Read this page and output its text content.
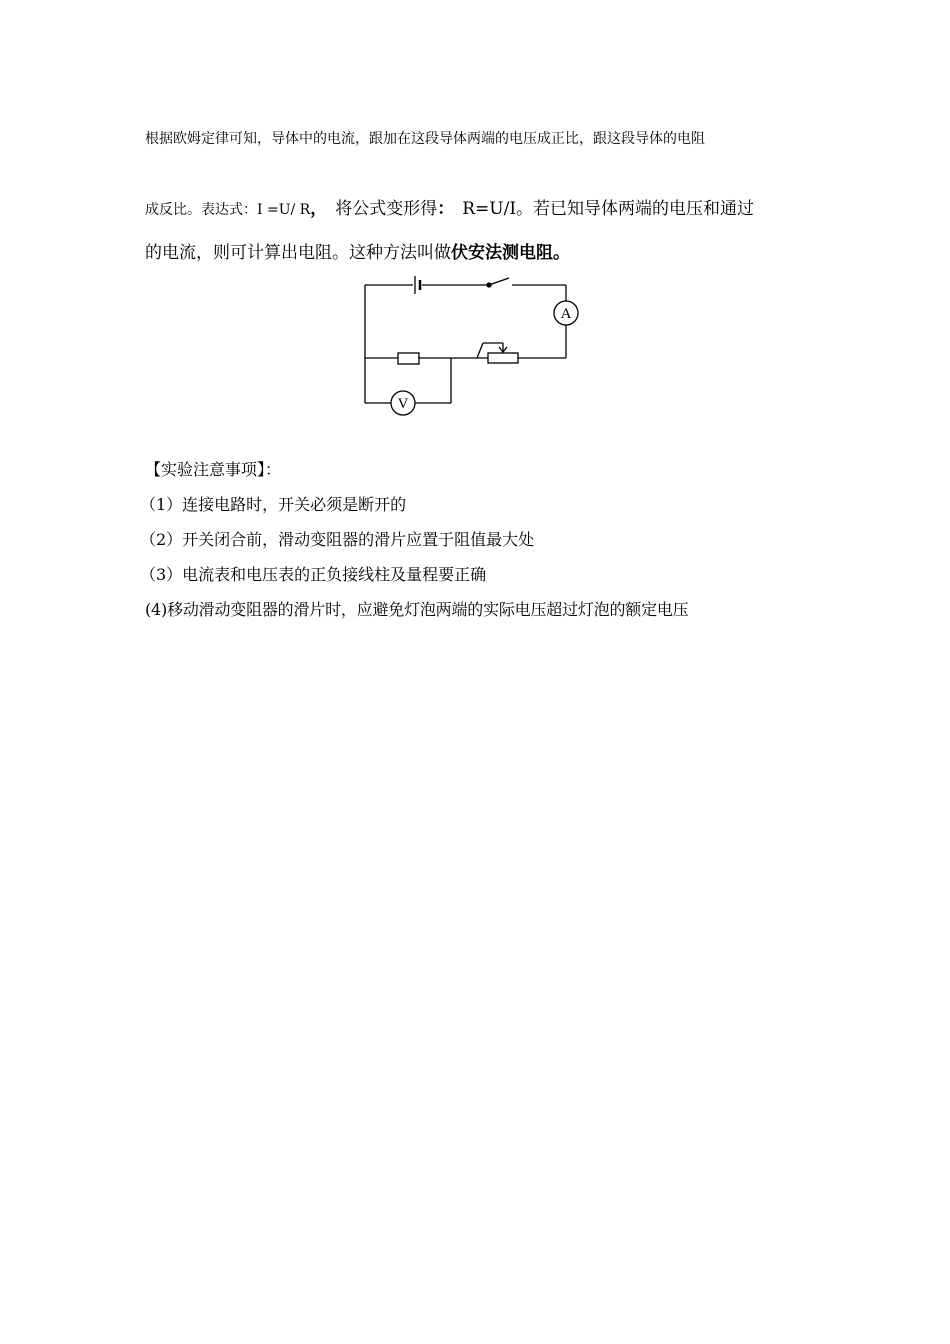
根据欧姆定律可知，导体中的电流，跟加在这段导体两端的电压成正比，跟这段导体的电阻
成反比。表达式：I =U/ R， 将公式变形得： R=U/I。若已知导体两端的电压和通过
的电流，则可计算出电阻。这种方法叫做伏安法测电阻。
A
V
【实验注意事项】：
（1）连接电路时，开关必须是断开的
（2）开关闭合前，滑动变阻器的滑片应置于阻值最大处
（3）电流表和电压表的正负接线柱及量程要正确
(4)移动滑动变阻器的滑片时，应避免灯泡两端的实际电压超过灯泡的额定电压
